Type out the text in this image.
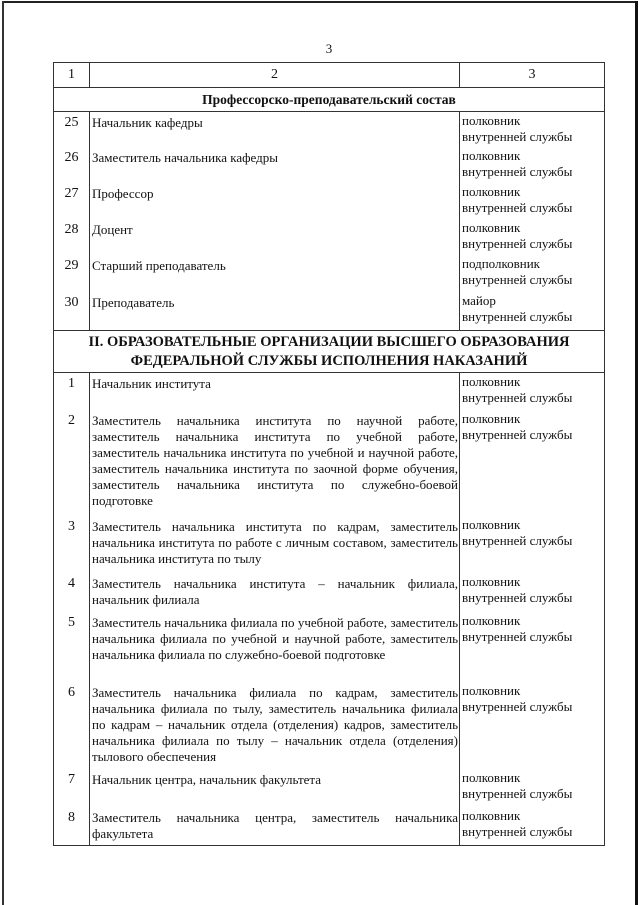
3
1	2	3
Профессорско-преподавательский состав		
25	Начальник кафедры	полковник
внутренней службы

26	Заместитель начальника кафедры	полковник
внутренней службы

27	Профессор	полковник
внутренней службы

28	Доцент	полковник
внутренней службы

29	Старший преподаватель	подполковник
внутренней службы

30	Преподаватель	майор
внутренней службы

II. ОБРАЗОВАТЕЛЬНЫЕ ОРГАНИЗАЦИИ ВЫСШЕГО ОБРАЗОВАНИЯ
ФЕДЕРАЛЬНОЙ СЛУЖБЫ ИСПОЛНЕНИЯ НАКАЗАНИЙ		

1	Начальник института	полковник
внутренней службы

2	Заместитель начальника института по научной работе, заместитель начальника института по учебной работе, заместитель начальника института по учебной и научной работе, заместитель начальника института по заочной форме обучения, заместитель начальника института по служебно-боевой подготовке	полковник
внутренней службы

3	Заместитель начальника института по кадрам, заместитель начальника института по работе с личным составом, заместитель начальника института по тылу	полковник
внутренней службы

4	Заместитель начальника института – начальник филиала, начальник филиала	полковник
внутренней службы

5	Заместитель начальника филиала по учебной работе, заместитель начальника филиала по учебной и научной работе, заместитель начальника филиала по служебно-боевой подготовке	полковник
внутренней службы

6	Заместитель начальника филиала по кадрам, заместитель начальника филиала по тылу, заместитель начальника филиала по кадрам – начальник отдела (отделения) кадров, заместитель начальника филиала по тылу – начальник отдела (отделения) тылового обеспечения	полковник
внутренней службы

7	Начальник центра, начальник факультета	полковник
внутренней службы

8	Заместитель начальника центра, заместитель начальника факультета	полковник
внутренней службы
